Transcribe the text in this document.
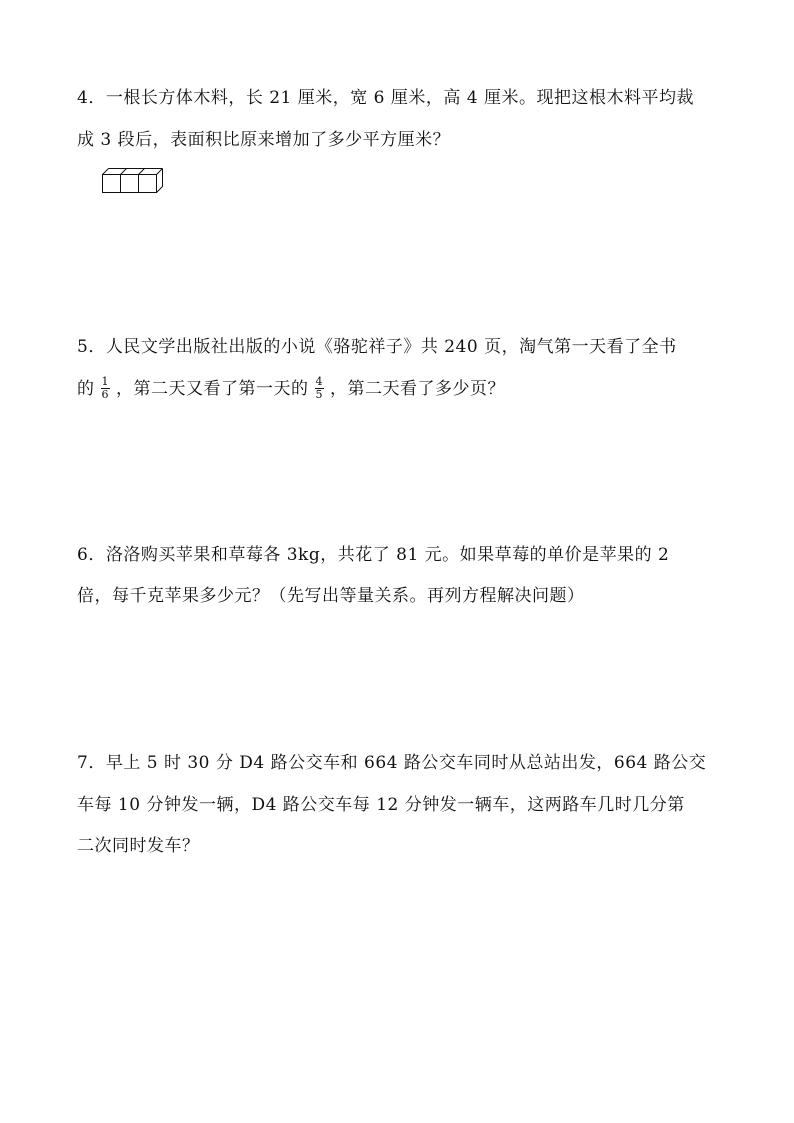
4．一根长方体木料，长 21 厘米，宽 6 厘米，高 4 厘米。现把这根木料平均裁
成 3 段后，表面积比原来增加了多少平方厘米？
5．人民文学出版社出版的小说《骆驼祥子》共 240 页，淘气第一天看了全书
的 $\frac{1}{6}$ ，第二天又看了第一天的 $\frac{4}{5}$ ，第二天看了多少页？
6．洛洛购买苹果和草莓各 3kg，共花了 81 元。如果草莓的单价是苹果的 2
倍，每千克苹果多少元？（先写出等量关系。再列方程解决问题）
7．早上 5 时 30 分 D4 路公交车和 664 路公交车同时从总站出发，664 路公交
车每 10 分钟发一辆，D4 路公交车每 12 分钟发一辆车，这两路车几时几分第
二次同时发车？
